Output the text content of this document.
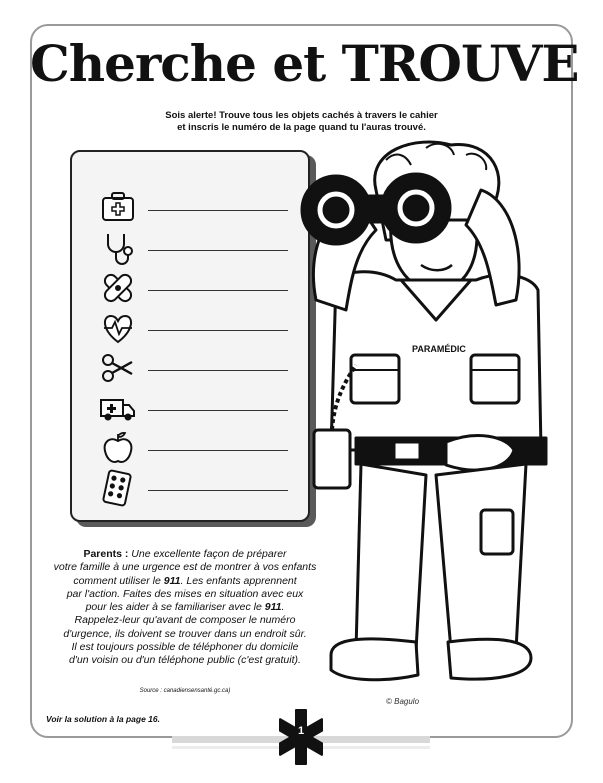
Cherche et TROUVE
Sois alerte! Trouve tous les objets cachés à travers le cahier
et inscris le numéro de la page quand tu l'auras trouvé.
PARAMÉDIC
Parents : Une excellente façon de préparer
votre famille à une urgence est de montrer à vos enfants
comment utiliser le 911. Les enfants apprennent
par l'action. Faites des mises en situation avec eux
pour les aider à se familiariser avec le 911.
Rappelez-leur qu'avant de composer le numéro
d'urgence, ils doivent se trouver dans un endroit sûr.
Il est toujours possible de téléphoner du domicile
d'un voisin ou d'un téléphone public (c'est gratuit).
Source : canadiensensanté.gc.ca)
© Bagulo
Voir la solution à la page 16.
1
